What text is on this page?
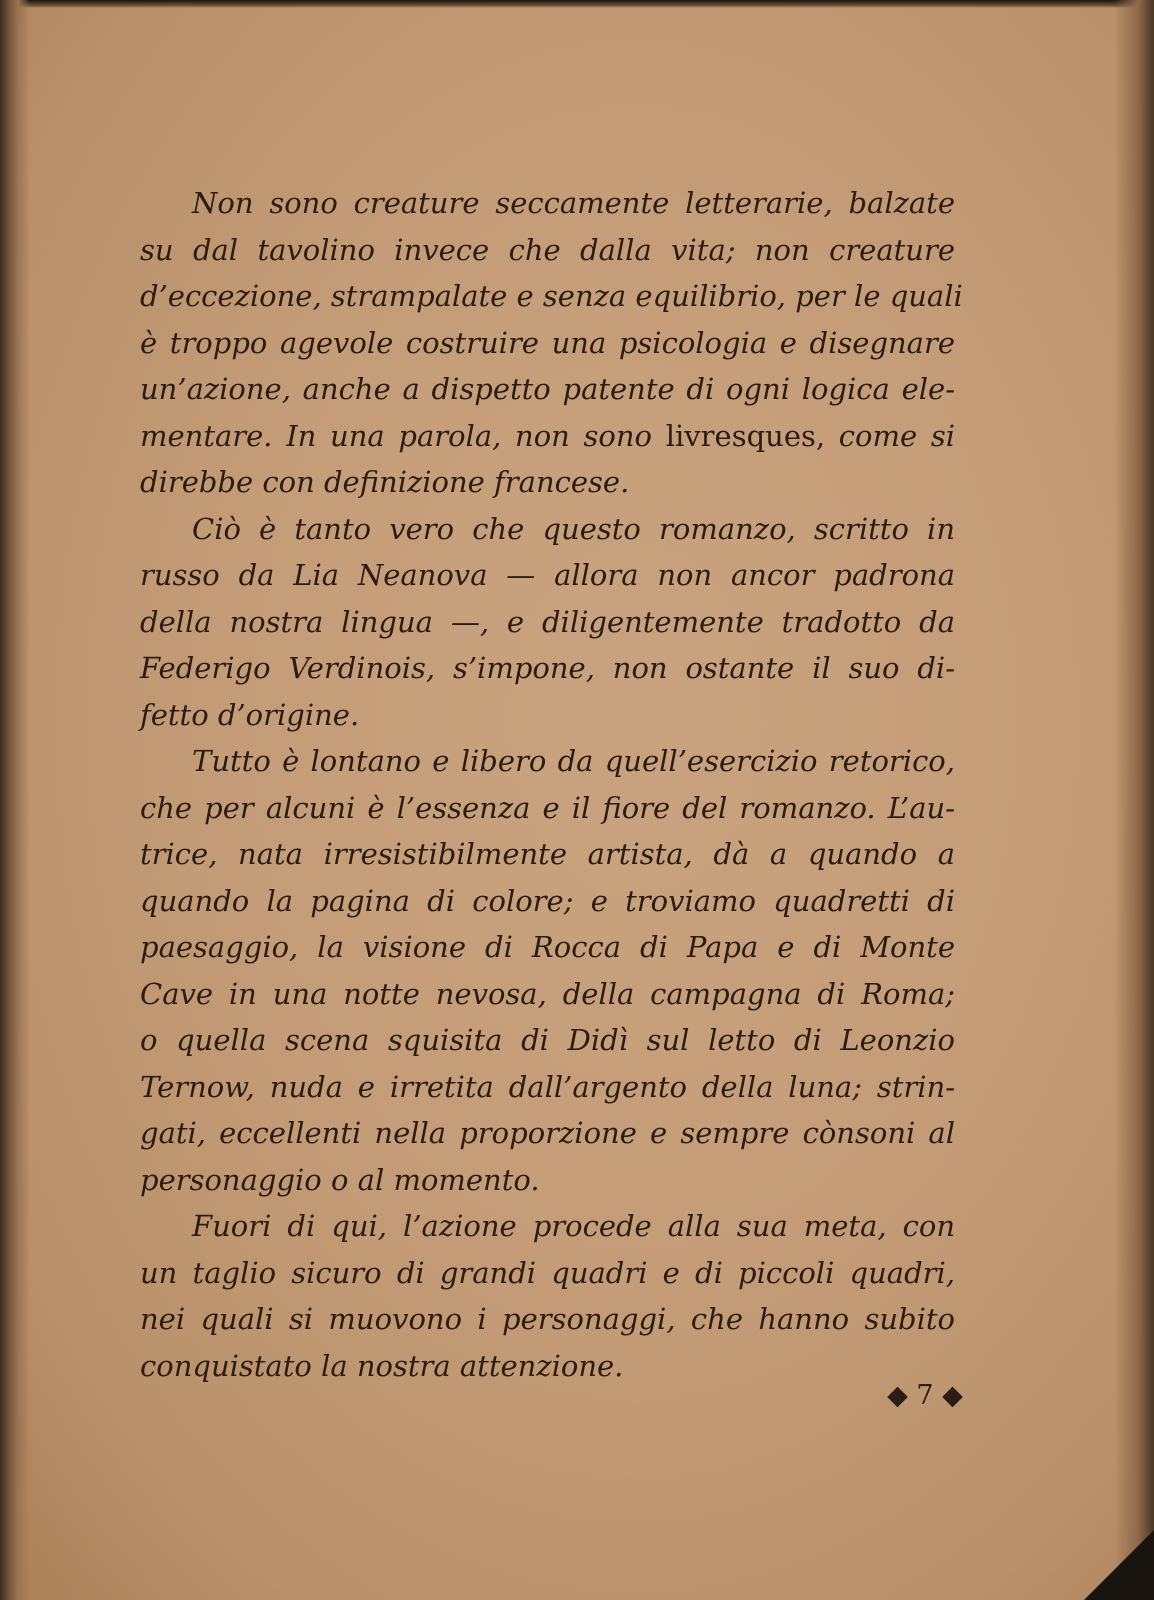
Non sono creature seccamente letterarie, balzate
su dal tavolino invece che dalla vita; non creature
d’eccezione, strampalate e senza equilibrio, per le quali
è troppo agevole costruire una psicologia e disegnare
un’azione, anche a dispetto patente di ogni logica ele-
mentare. In una parola, non sono livresques, come si
direbbe con definizione francese.
Ciò è tanto vero che questo romanzo, scritto in
russo da Lia Neanova — allora non ancor padrona
della nostra lingua —, e diligentemente tradotto da
Federigo Verdinois, s’impone, non ostante il suo di-
fetto d’origine.
Tutto è lontano e libero da quell’esercizio retorico,
che per alcuni è l’essenza e il fiore del romanzo. L’au-
trice, nata irresistibilmente artista, dà a quando a
quando la pagina di colore; e troviamo quadretti di
paesaggio, la visione di Rocca di Papa e di Monte
Cave in una notte nevosa, della campagna di Roma;
o quella scena squisita di Didì sul letto di Leonzio
Ternow, nuda e irretita dall’argento della luna; strin-
gati, eccellenti nella proporzione e sempre cònsoni al
personaggio o al momento.
Fuori di qui, l’azione procede alla sua meta, con
un taglio sicuro di grandi quadri e di piccoli quadri,
nei quali si muovono i personaggi, che hanno subito
conquistato la nostra attenzione.
◆ 7 ◆
